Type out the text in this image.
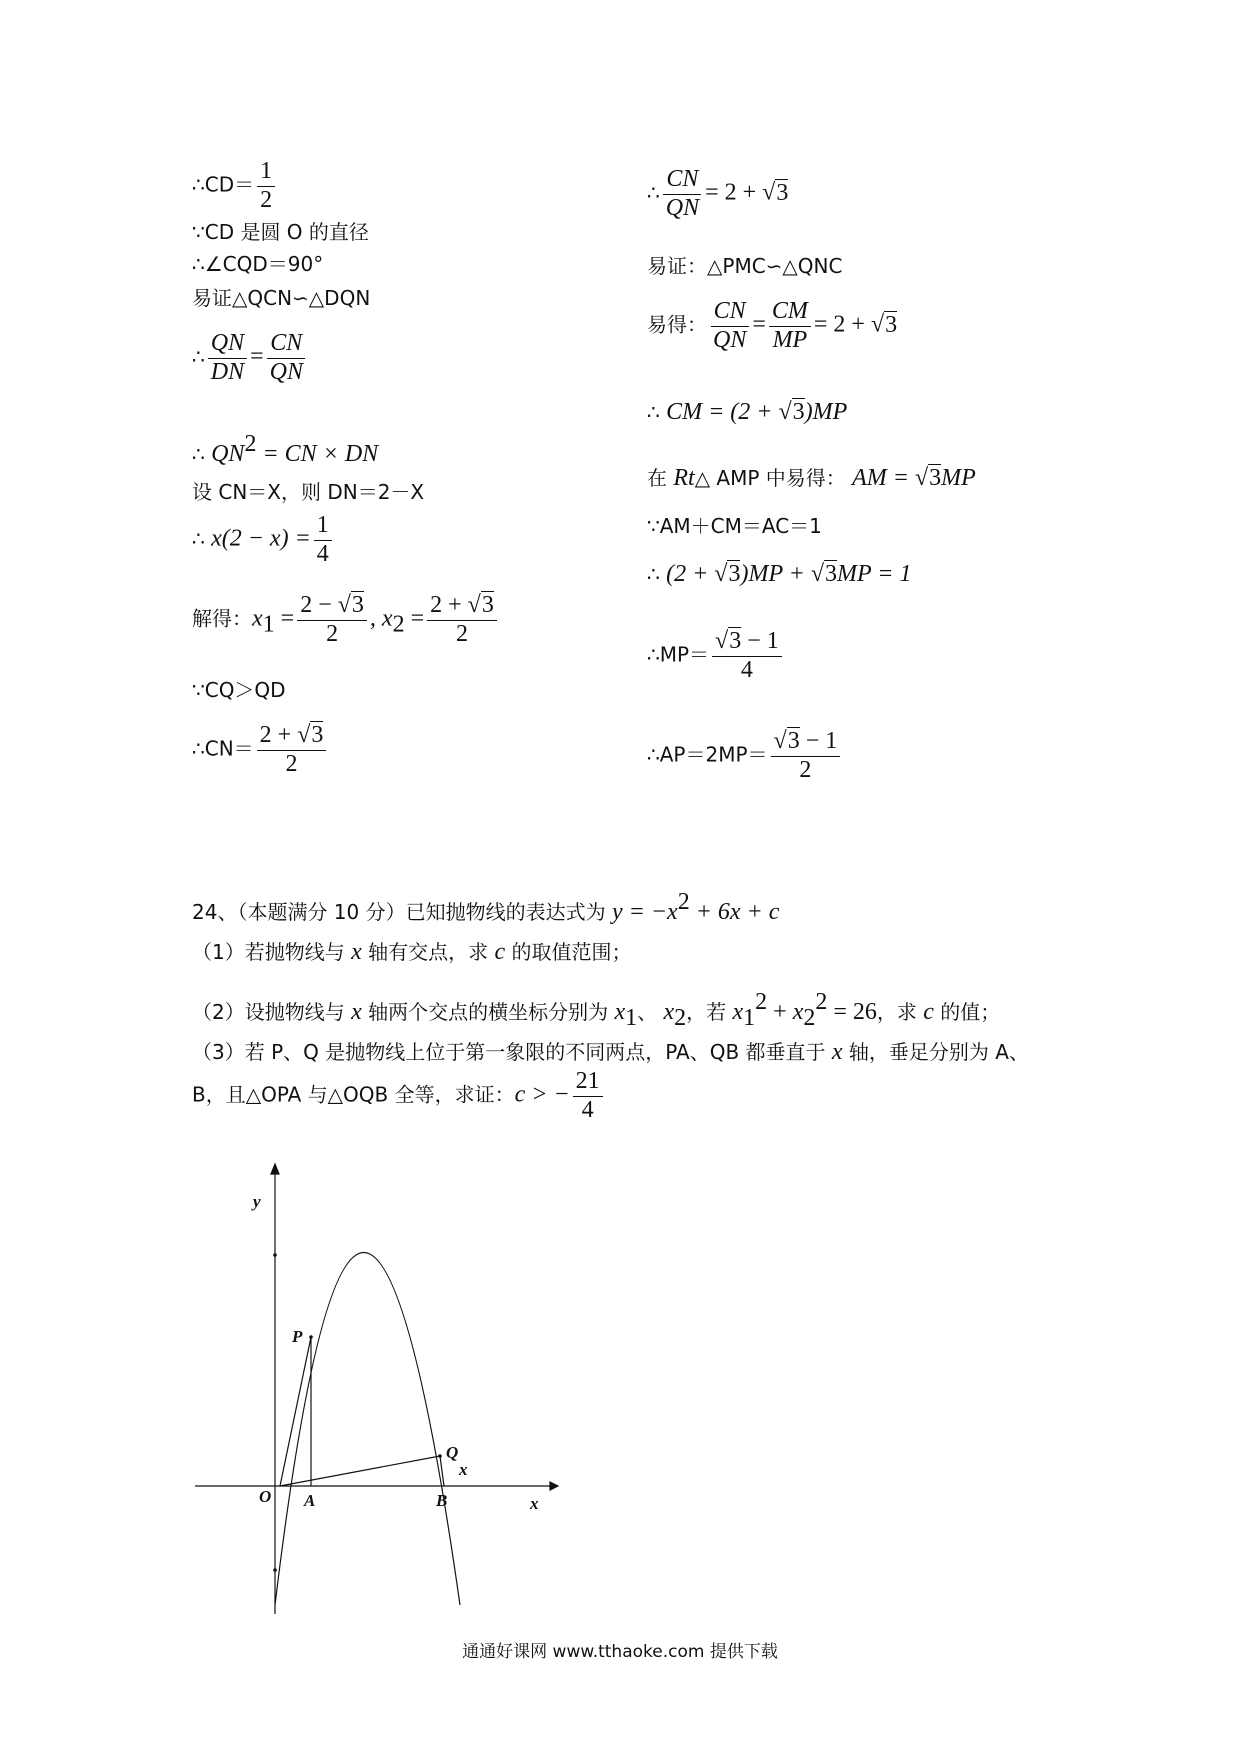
∴CD＝ $\frac{1}{2}$
∵CD 是圆 O 的直径
∴∠CQD＝90°
易证△QCN∽△DQN
∴ $\frac{QN}{DN} = \frac{CN}{QN}$
∴ $QN^2$ = CN × DN
设 CN＝X，则 DN＝2－X
∴ $x(2 - x) = \frac{1}{4}$
解得：$x_1 = \frac{2 - √3}{2}$ , $x_2 = \frac{2 + √3}{2}$
∵CQ＞QD
∴CN＝ $\frac{2 + √3}{2}$
∴ $\frac{CN}{QN} = 2 + √3$
易证：△PMC∽△QNC
易得： $\frac{CN}{QN} = \frac{CM}{MP} = 2 + √3$
∴ CM = (2 + √3)MP
在 Rt△ AMP 中易得： AM = √3MP
∵AM＋CM＝AC＝1
∴ (2 + √3)MP + √3MP = 1
∴MP＝ $\frac{√3 - 1}{4}$
∴AP＝2MP＝ $\frac{√3 - 1}{2}$
24、（本题满分 10 分）已知抛物线的表达式为 $y = -x^2 + 6x + c$
（1）若抛物线与 x 轴有交点，求 c 的取值范围；
（2）设抛物线与 x 轴两个交点的横坐标分别为 $x_1$、 $x_2$，若 $x_1^2 + x_2^2 = 26$，求 c 的值；
（3）若 P、Q 是抛物线上位于第一象限的不同两点，PA、QB 都垂直于 x 轴，垂足分别为 A、
B，且△OPA 与△OQB 全等，求证：c > − $\frac{21}{4}$
y
x
P
Q
x
O A	B
通通好课网 www.tthaoke.com 提供下载
